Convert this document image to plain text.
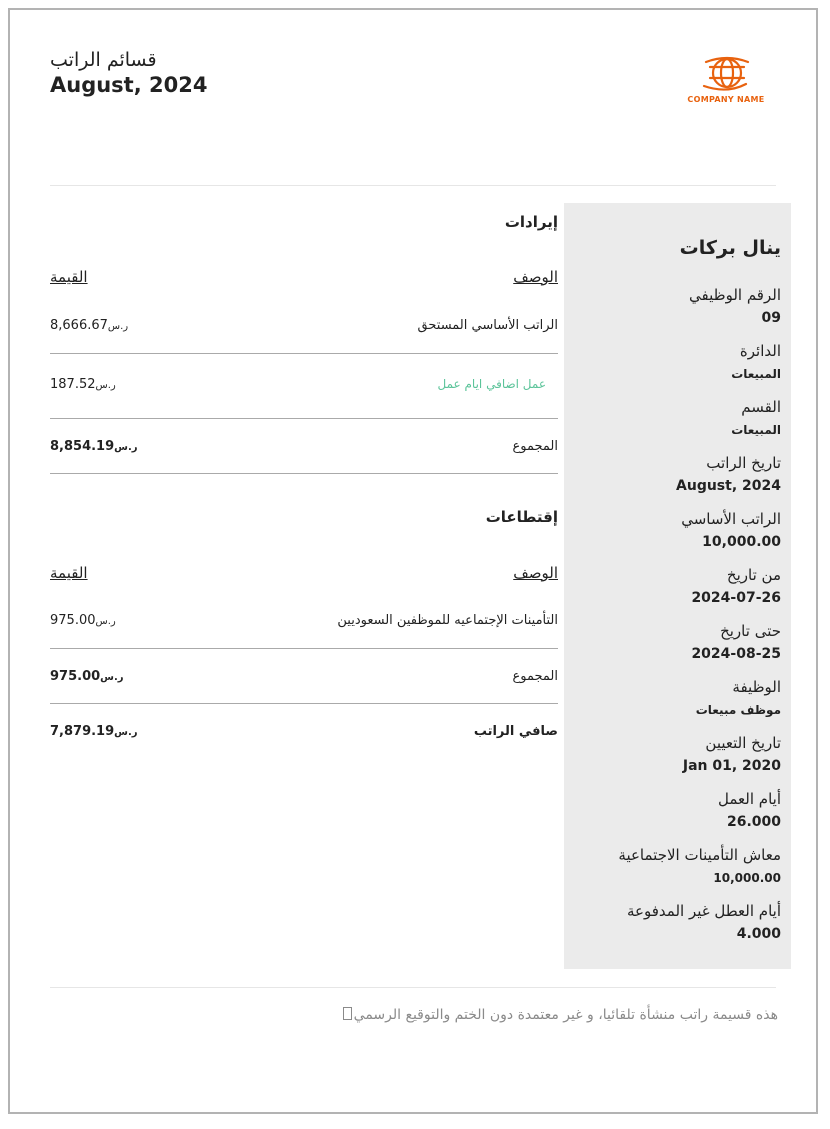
قسائم الراتب
August, 2024
COMPANY NAME
ينال بركات
الرقم الوظيفي
09
الدائرة
المبيعات
القسم
المبيعات
تاريخ الراتب
August, 2024
الراتب الأساسي
10,000.00
من تاريخ
2024-07-26
حتى تاريخ
2024-08-25
الوظيفة
موظف مبيعات
تاريخ التعيين
Jan 01, 2020
أيام العمل
26.000
معاش التأمينات الاجتماعية
10,000.00
أيام العطل غير المدفوعة
4.000
إيرادات
الوصف
القيمة
الراتب الأساسي المستحق
8,666.67ر.س
عمل اضافي ايام عمل
187.52ر.س
المجموع
8,854.19ر.س
إقتطاعات
الوصف
القيمة
التأمينات الإجتماعيه للموظفين السعوديين
975.00ر.س
المجموع
975.00ر.س
صافي الراتب
7,879.19ر.س
هذه قسيمة راتب منشأة تلقائيا، و غير معتمدة دون الختم والتوقيع الرسمي
